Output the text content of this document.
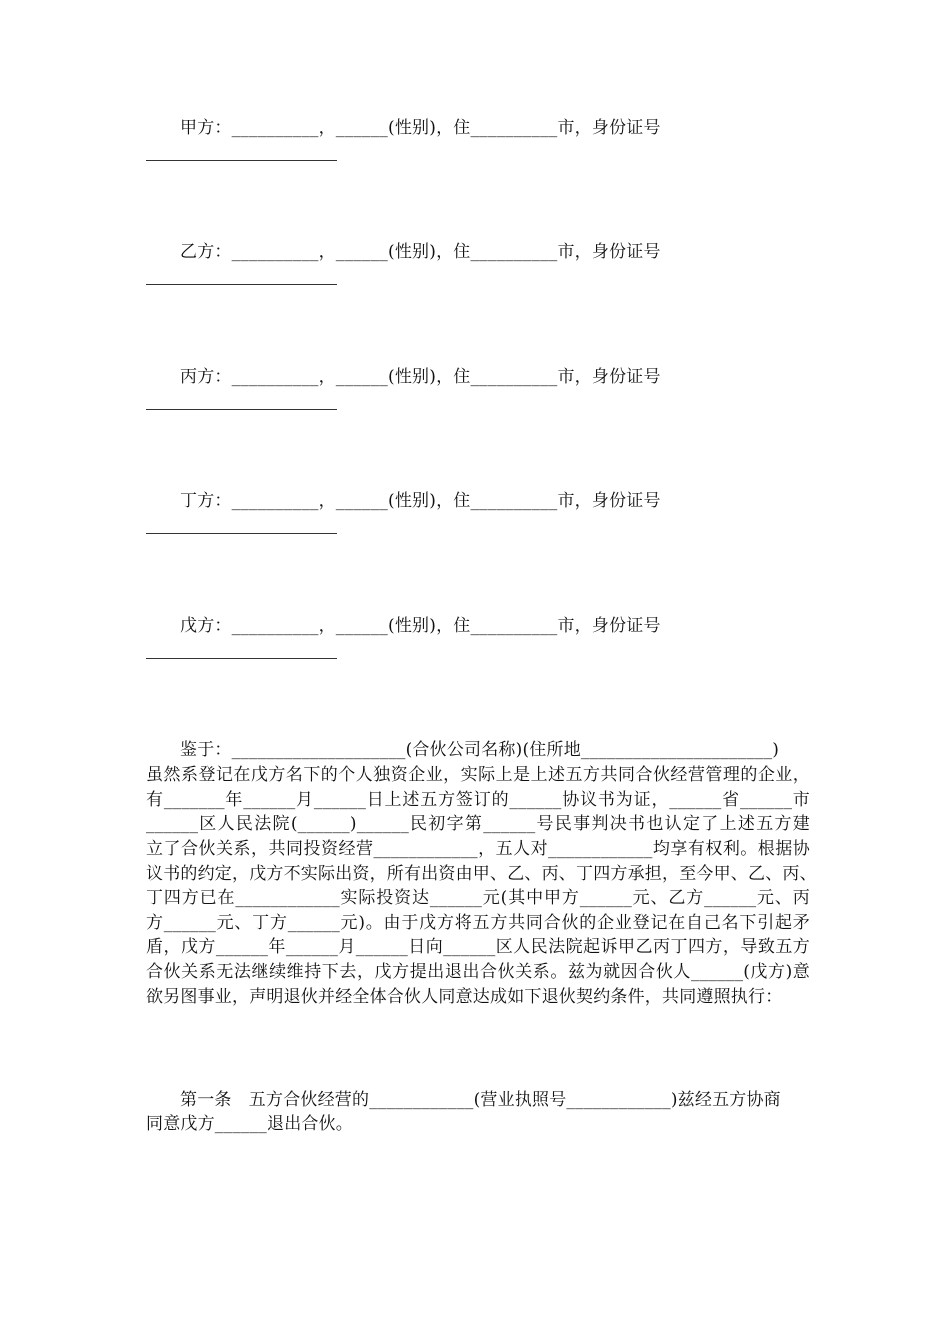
甲方：__________，______(性别)，住__________市，身份证号
乙方：__________，______(性别)，住__________市，身份证号
丙方：__________，______(性别)，住__________市，身份证号
丁方：__________，______(性别)，住__________市，身份证号
戊方：__________，______(性别)，住__________市，身份证号
鉴于：____________________(合伙公司名称)(住所地______________________)
虽然系登记在戊方名下的个人独资企业，实际上是上述五方共同合伙经营管理的企业，
有_______年______月______日上述五方签订的______协议书为证，______省______市
______区人民法院(______)______民初字第______号民事判决书也认定了上述五方建
立了合伙关系，共同投资经营____________，五人对____________均享有权利。根据协
议书的约定，戊方不实际出资，所有出资由甲、乙、丙、丁四方承担，至今甲、乙、丙、
丁四方已在____________实际投资达______元(其中甲方______元、乙方______元、丙
方______元、丁方______元)。由于戊方将五方共同合伙的企业登记在自己名下引起矛
盾，戊方______年______月______日向______区人民法院起诉甲乙丙丁四方，导致五方
合伙关系无法继续维持下去，戊方提出退出合伙关系。兹为就因合伙人______(戊方)意
欲另图事业，声明退伙并经全体合伙人同意达成如下退伙契约条件，共同遵照执行：
第一条　五方合伙经营的____________(营业执照号____________)兹经五方协商
同意戊方______退出合伙。
